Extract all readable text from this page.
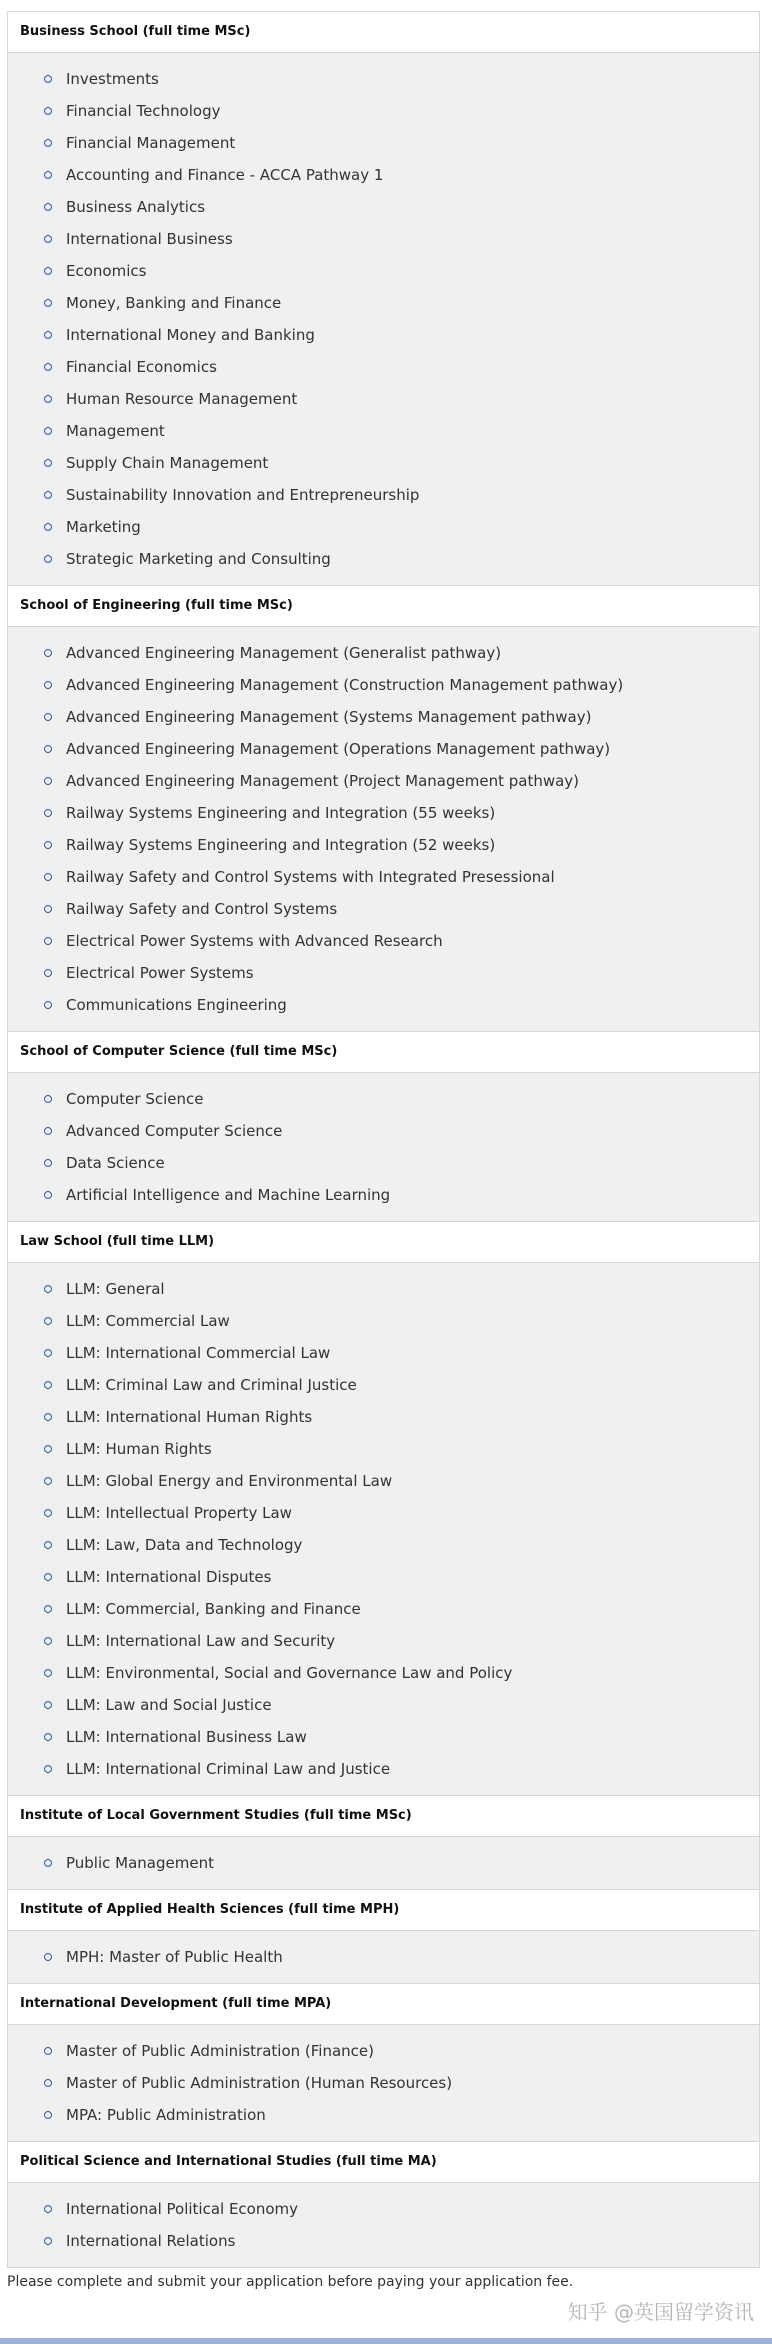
Business School (full time MSc)
Investments
Financial Technology
Financial Management
Accounting and Finance - ACCA Pathway 1
Business Analytics
International Business
Economics
Money, Banking and Finance
International Money and Banking
Financial Economics
Human Resource Management
Management
Supply Chain Management
Sustainability Innovation and Entrepreneurship
Marketing
Strategic Marketing and Consulting
School of Engineering (full time MSc)
Advanced Engineering Management (Generalist pathway)
Advanced Engineering Management (Construction Management pathway)
Advanced Engineering Management (Systems Management pathway)
Advanced Engineering Management (Operations Management pathway)
Advanced Engineering Management (Project Management pathway)
Railway Systems Engineering and Integration (55 weeks)
Railway Systems Engineering and Integration (52 weeks)
Railway Safety and Control Systems with Integrated Presessional
Railway Safety and Control Systems
Electrical Power Systems with Advanced Research
Electrical Power Systems
Communications Engineering
School of Computer Science (full time MSc)
Computer Science
Advanced Computer Science
Data Science
Artificial Intelligence and Machine Learning
Law School (full time LLM)
LLM: General
LLM: Commercial Law
LLM: International Commercial Law
LLM: Criminal Law and Criminal Justice
LLM: International Human Rights
LLM: Human Rights
LLM: Global Energy and Environmental Law
LLM: Intellectual Property Law
LLM: Law, Data and Technology
LLM: International Disputes
LLM: Commercial, Banking and Finance
LLM: International Law and Security
LLM: Environmental, Social and Governance Law and Policy
LLM: Law and Social Justice
LLM: International Business Law
LLM: International Criminal Law and Justice
Institute of Local Government Studies (full time MSc)
Public Management
Institute of Applied Health Sciences (full time MPH)
MPH: Master of Public Health
International Development (full time MPA)
Master of Public Administration (Finance)
Master of Public Administration (Human Resources)
MPA: Public Administration
Political Science and International Studies (full time MA)
International Political Economy
International Relations
Please complete and submit your application before paying your application fee.
知乎 @英国留学资讯
